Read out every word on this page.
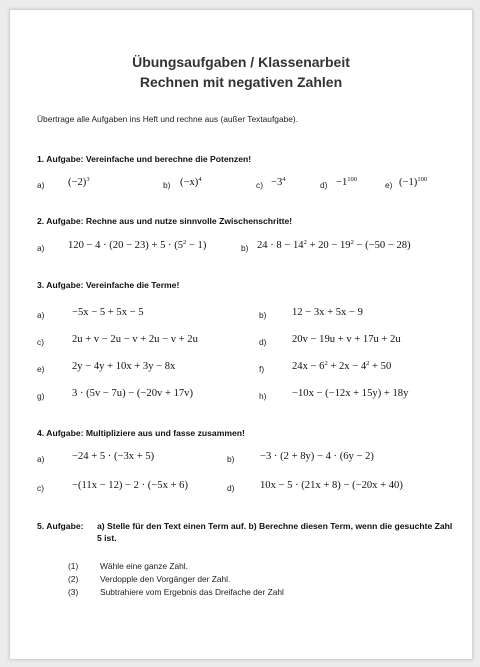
Übungsaufgaben / Klassenarbeit
Rechnen mit negativen Zahlen
Übertrage alle Aufgaben ins Heft und rechne aus (außer Textaufgabe).
1. Aufgabe: Vereinfache und berechne die Potenzen!
a) $(-2)^3$
b) $(-x)^4$
$c) -3^4$
$d) -1^{100}$
e) $(-1)^{100}$
2. Aufgabe: Rechne aus und nutze sinnvolle Zwischenschritte!
a) $120 - 4 \cdot (20 - 23) + 5 \cdot (5^2 - 1)$	b) $24 \cdot 8 - 14^2 + 20 - 19^2 - (-50 - 28)$
3. Aufgabe: Vereinfache die Terme!
a)	−5x − 5 + 5x − 5	b) 12 − 3x + 5x − 9
c)	2u + v − 2u − v + 2u − v + 2u	d) 20v − 19u + v + 17u + 2u
e)	2y − 4y + 10x + 3y − 8x	f)	$24x - 6^2 + 2x - 4^2 + 50$
g)	3 · (5v − 7u) − (−20v + 17v)	h) −10x − (−12x + 15y) + 18y
4. Aufgabe: Multipliziere aus und fasse zusammen!
a)	−24 + 5 · (−3x + 5)	b) −3 · (2 + 8y) − 4 · (6y − 2)
c)	−(11x − 12) − 2 · (−5x + 6)	d) 10x − 5 · (21x + 8) − (−20x + 40)
5. Aufgabe: a) Stelle für den Text einen Term auf. b) Berechne diesen Term, wenn die gesuchte Zahl 5 ist.
(1)	Wähle eine ganze Zahl.
(2)	Verdopple den Vorgänger der Zahl.
(3)	Subtrahiere vom Ergebnis das Dreifache der Zahl
